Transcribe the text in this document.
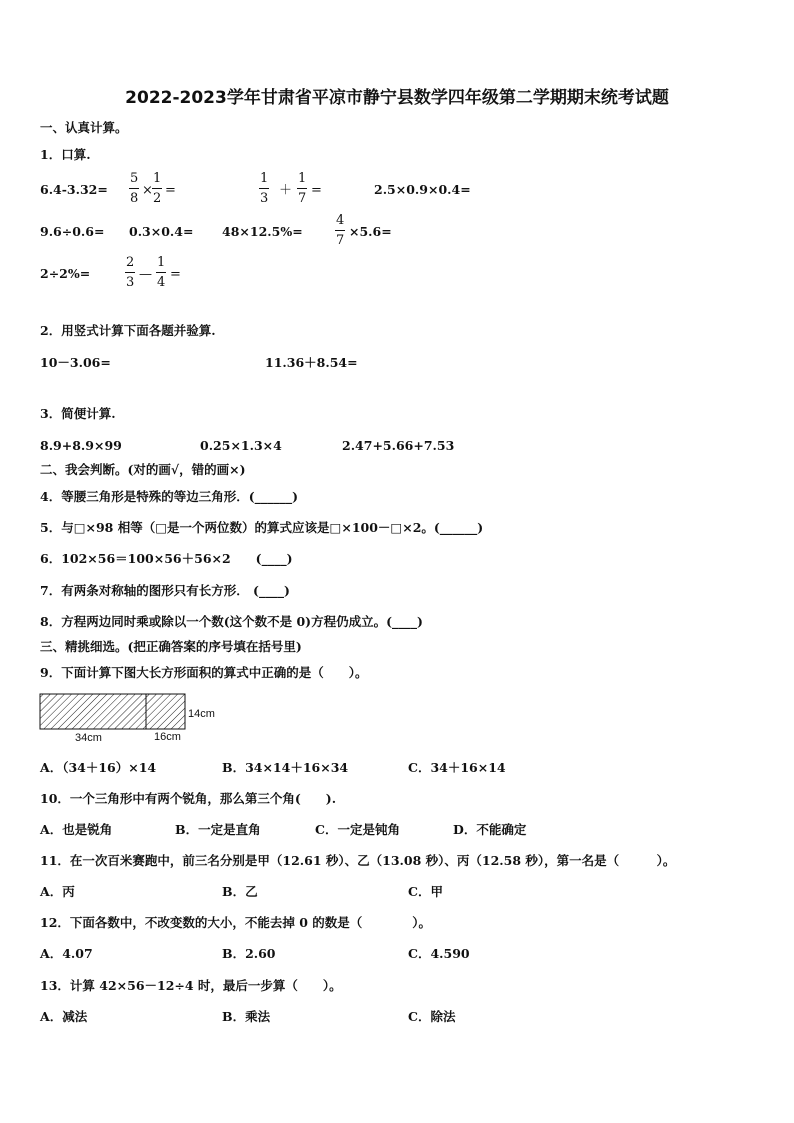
2022-2023学年甘肃省平凉市静宁县数学四年级第二学期期末统考试题
一、认真计算。
1．口算.
6.4-3.32=
5
8
×
1
2
=
1
3
＋
1
7
=	2.5×0.9×0.4=
9.6÷0.6= 0.3×0.4= 48×12.5%=
4
7
×5.6=
2÷2%=
2
3
—
1
4
=
2．用竖式计算下面各题并验算.
10－3.06=	11.36＋8.54=
3．简便计算.
8.9+8.9×99	0.25×1.3×4	2.47+5.66+7.53
二、我会判断。(对的画√，错的画×)
4．等腰三角形是特殊的等边三角形．(______)
5．与□×98 相等（□是一个两位数）的算式应该是□×100－□×2。(______)
6．102×56＝100×56＋56×2　　(____)
7．有两条对称轴的图形只有长方形． (____)
8．方程两边同时乘或除以一个数(这个数不是 0)方程仍成立。(____)
三、精挑细选。(把正确答案的序号填在括号里)
9．下面计算下图大长方形面积的算式中正确的是（　　）。
14cm
34cm	16cm
A．（34＋16）×14	B．34×14＋16×34	C．34＋16×14
10．一个三角形中有两个锐角，那么第三个角(　　).
A．也是锐角	B．一定是直角	C．一定是钝角	D．不能确定
11．在一次百米赛跑中，前三名分别是甲（12.61 秒）、乙（13.08 秒）、丙（12.58 秒），第一名是（　　　）。
A．丙	B．乙	C．甲
12．下面各数中，不改变数的大小，不能去掉 0 的数是（　　　　）。
A．4.07	B．2.60	C．4.590
13．计算 42×56－12÷4 时，最后一步算（　　）。
A．减法	B．乘法	C．除法
